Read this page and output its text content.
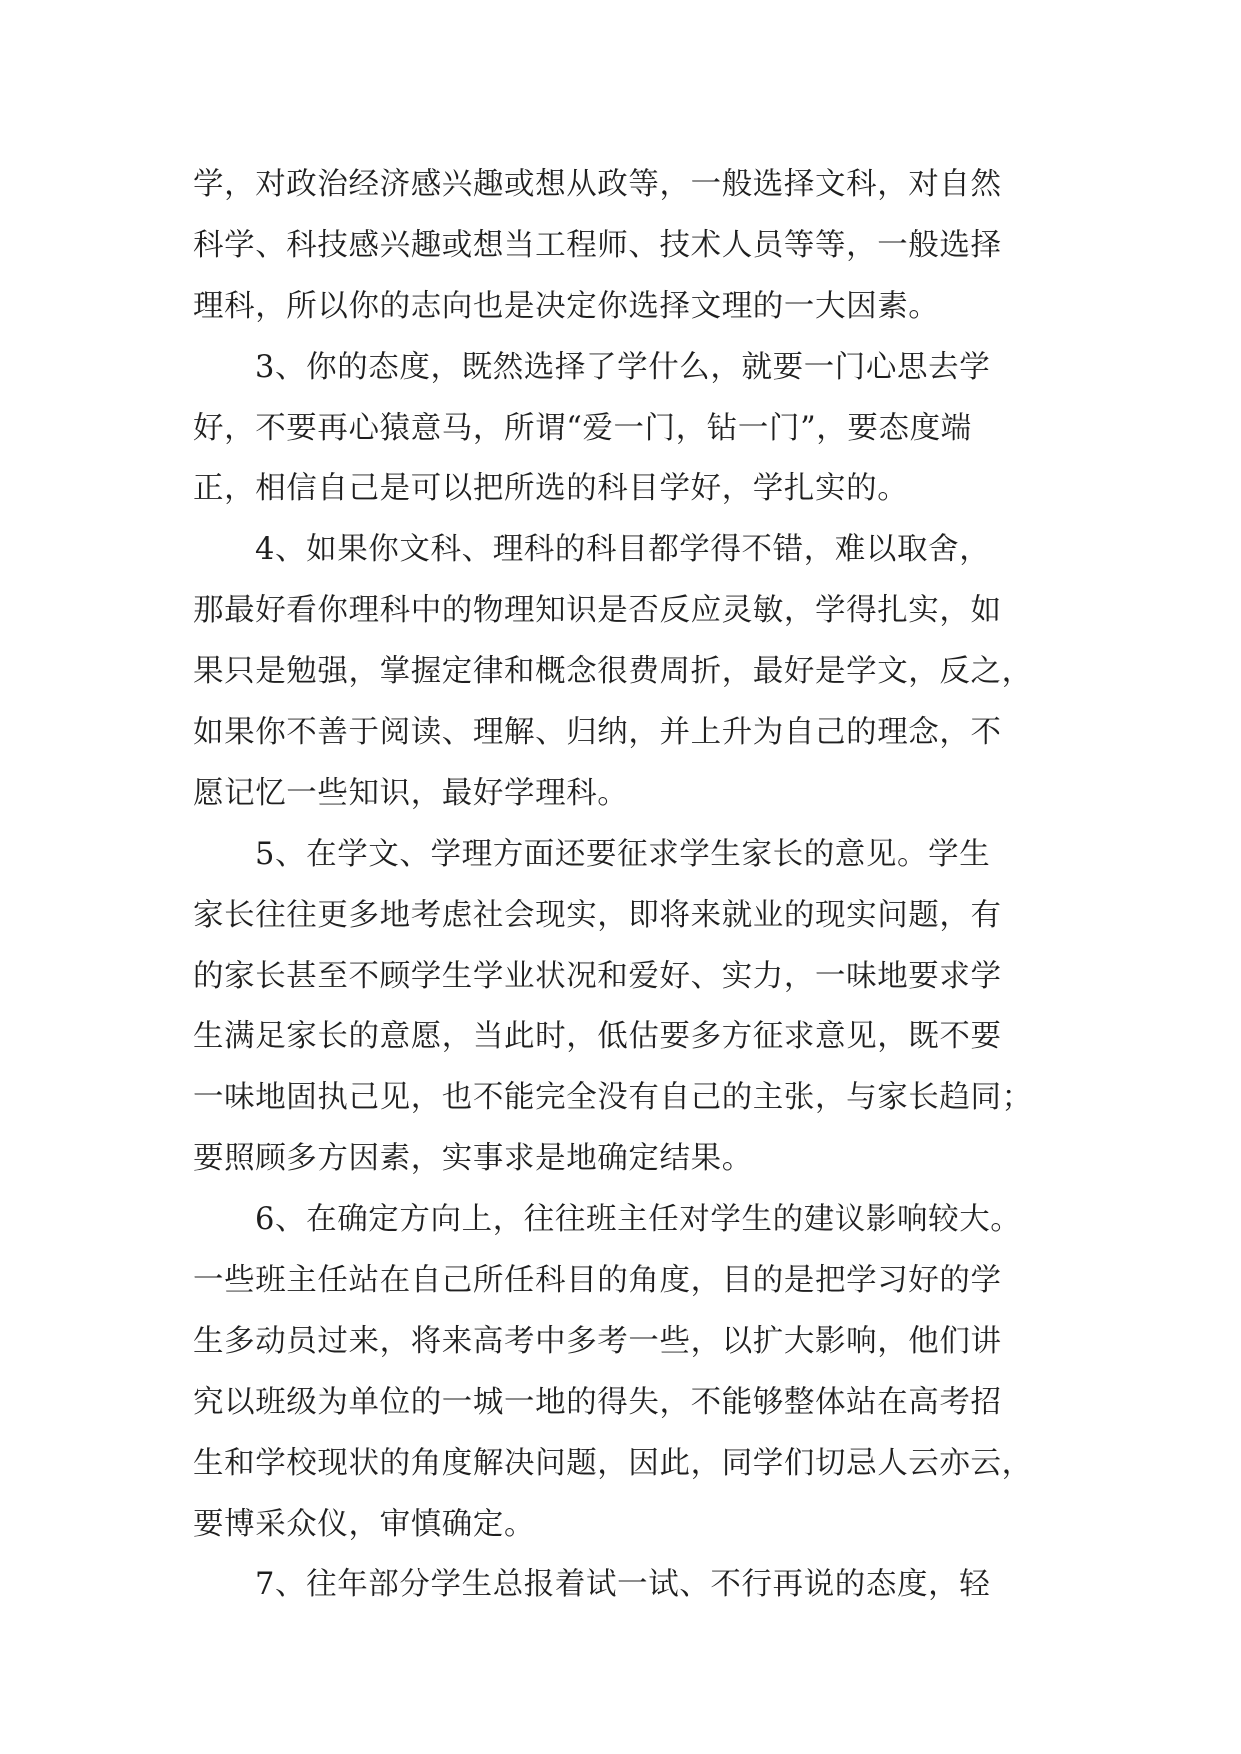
学，对政治经济感兴趣或想从政等，一般选择文科，对自然
科学、科技感兴趣或想当工程师、技术人员等等，一般选择
理科，所以你的志向也是决定你选择文理的一大因素。
3、你的态度，既然选择了学什么，就要一门心思去学
好，不要再心猿意马，所谓“爱一门，钻一门”，要态度端
正，相信自己是可以把所选的科目学好，学扎实的。
4、如果你文科、理科的科目都学得不错，难以取舍，
那最好看你理科中的物理知识是否反应灵敏，学得扎实，如
果只是勉强，掌握定律和概念很费周折，最好是学文，反之，
如果你不善于阅读、理解、归纳，并上升为自己的理念，不
愿记忆一些知识，最好学理科。
5、在学文、学理方面还要征求学生家长的意见。学生
家长往往更多地考虑社会现实，即将来就业的现实问题，有
的家长甚至不顾学生学业状况和爱好、实力，一味地要求学
生满足家长的意愿，当此时，低估要多方征求意见，既不要
一味地固执己见，也不能完全没有自己的主张，与家长趋同；
要照顾多方因素，实事求是地确定结果。
6、在确定方向上，往往班主任对学生的建议影响较大。
一些班主任站在自己所任科目的角度，目的是把学习好的学
生多动员过来，将来高考中多考一些，以扩大影响，他们讲
究以班级为单位的一城一地的得失，不能够整体站在高考招
生和学校现状的角度解决问题，因此，同学们切忌人云亦云，
要博采众仪，审慎确定。
7、往年部分学生总报着试一试、不行再说的态度，轻
